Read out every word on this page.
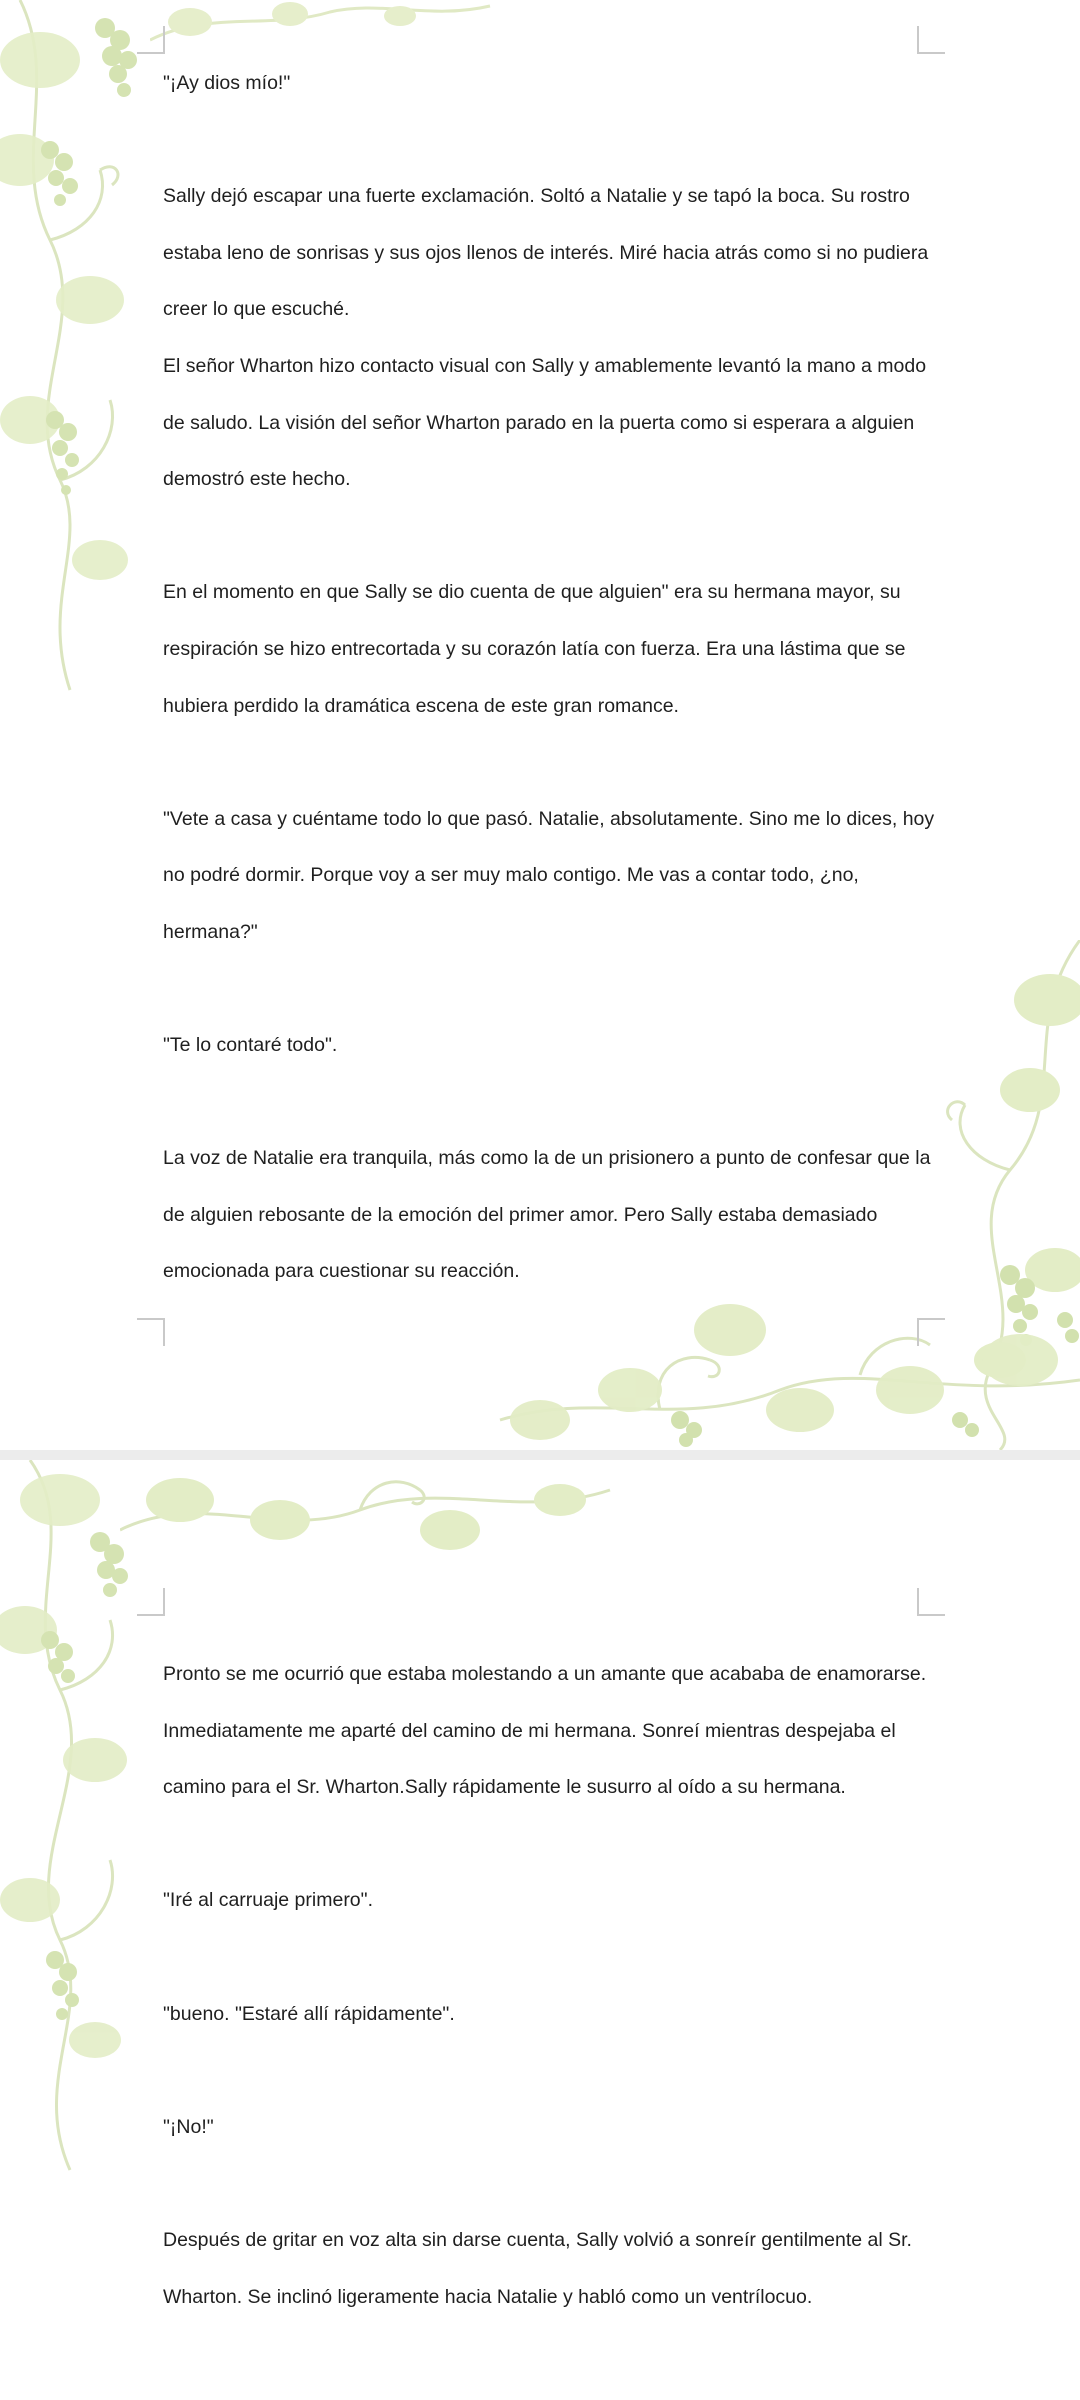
"¡Ay dios mío!"

Sally dejó escapar una fuerte exclamación. Soltó a Natalie y se tapó la boca. Su rostro

estaba leno de sonrisas y sus ojos llenos de interés. Miré hacia atrás como si no pudiera

creer lo que escuché.

El señor Wharton hizo contacto visual con Sally y amablemente levantó la mano a modo

de saludo. La visión del señor Wharton parado en la puerta como si esperara a alguien

demostró este hecho.

En el momento en que Sally se dio cuenta de que alguien" era su hermana mayor, su

respiración se hizo entrecortada y su corazón latía con fuerza. Era una lástima que se

hubiera perdido la dramática escena de este gran romance.

"Vete a casa y cuéntame todo lo que pasó. Natalie, absolutamente. Sino me lo dices, hoy

no podré dormir. Porque voy a ser muy malo contigo. Me vas a contar todo, ¿no,

hermana?"

"Te lo contaré todo".

La voz de Natalie era tranquila, más como la de un prisionero a punto de confesar que la

de alguien rebosante de la emoción del primer amor. Pero Sally estaba demasiado

emocionada para cuestionar su reacción.

Pronto se me ocurrió que estaba molestando a un amante que acababa de enamorarse.

Inmediatamente me aparté del camino de mi hermana. Sonreí mientras despejaba el

camino para el Sr. Wharton.Sally rápidamente le susurro al oído a su hermana.

"Iré al carruaje primero".

"bueno. "Estaré allí rápidamente".

"¡No!"

Después de gritar en voz alta sin darse cuenta, Sally volvió a sonreír gentilmente al Sr.

Wharton. Se inclinó ligeramente hacia Natalie y habló como un ventrílocuo.
